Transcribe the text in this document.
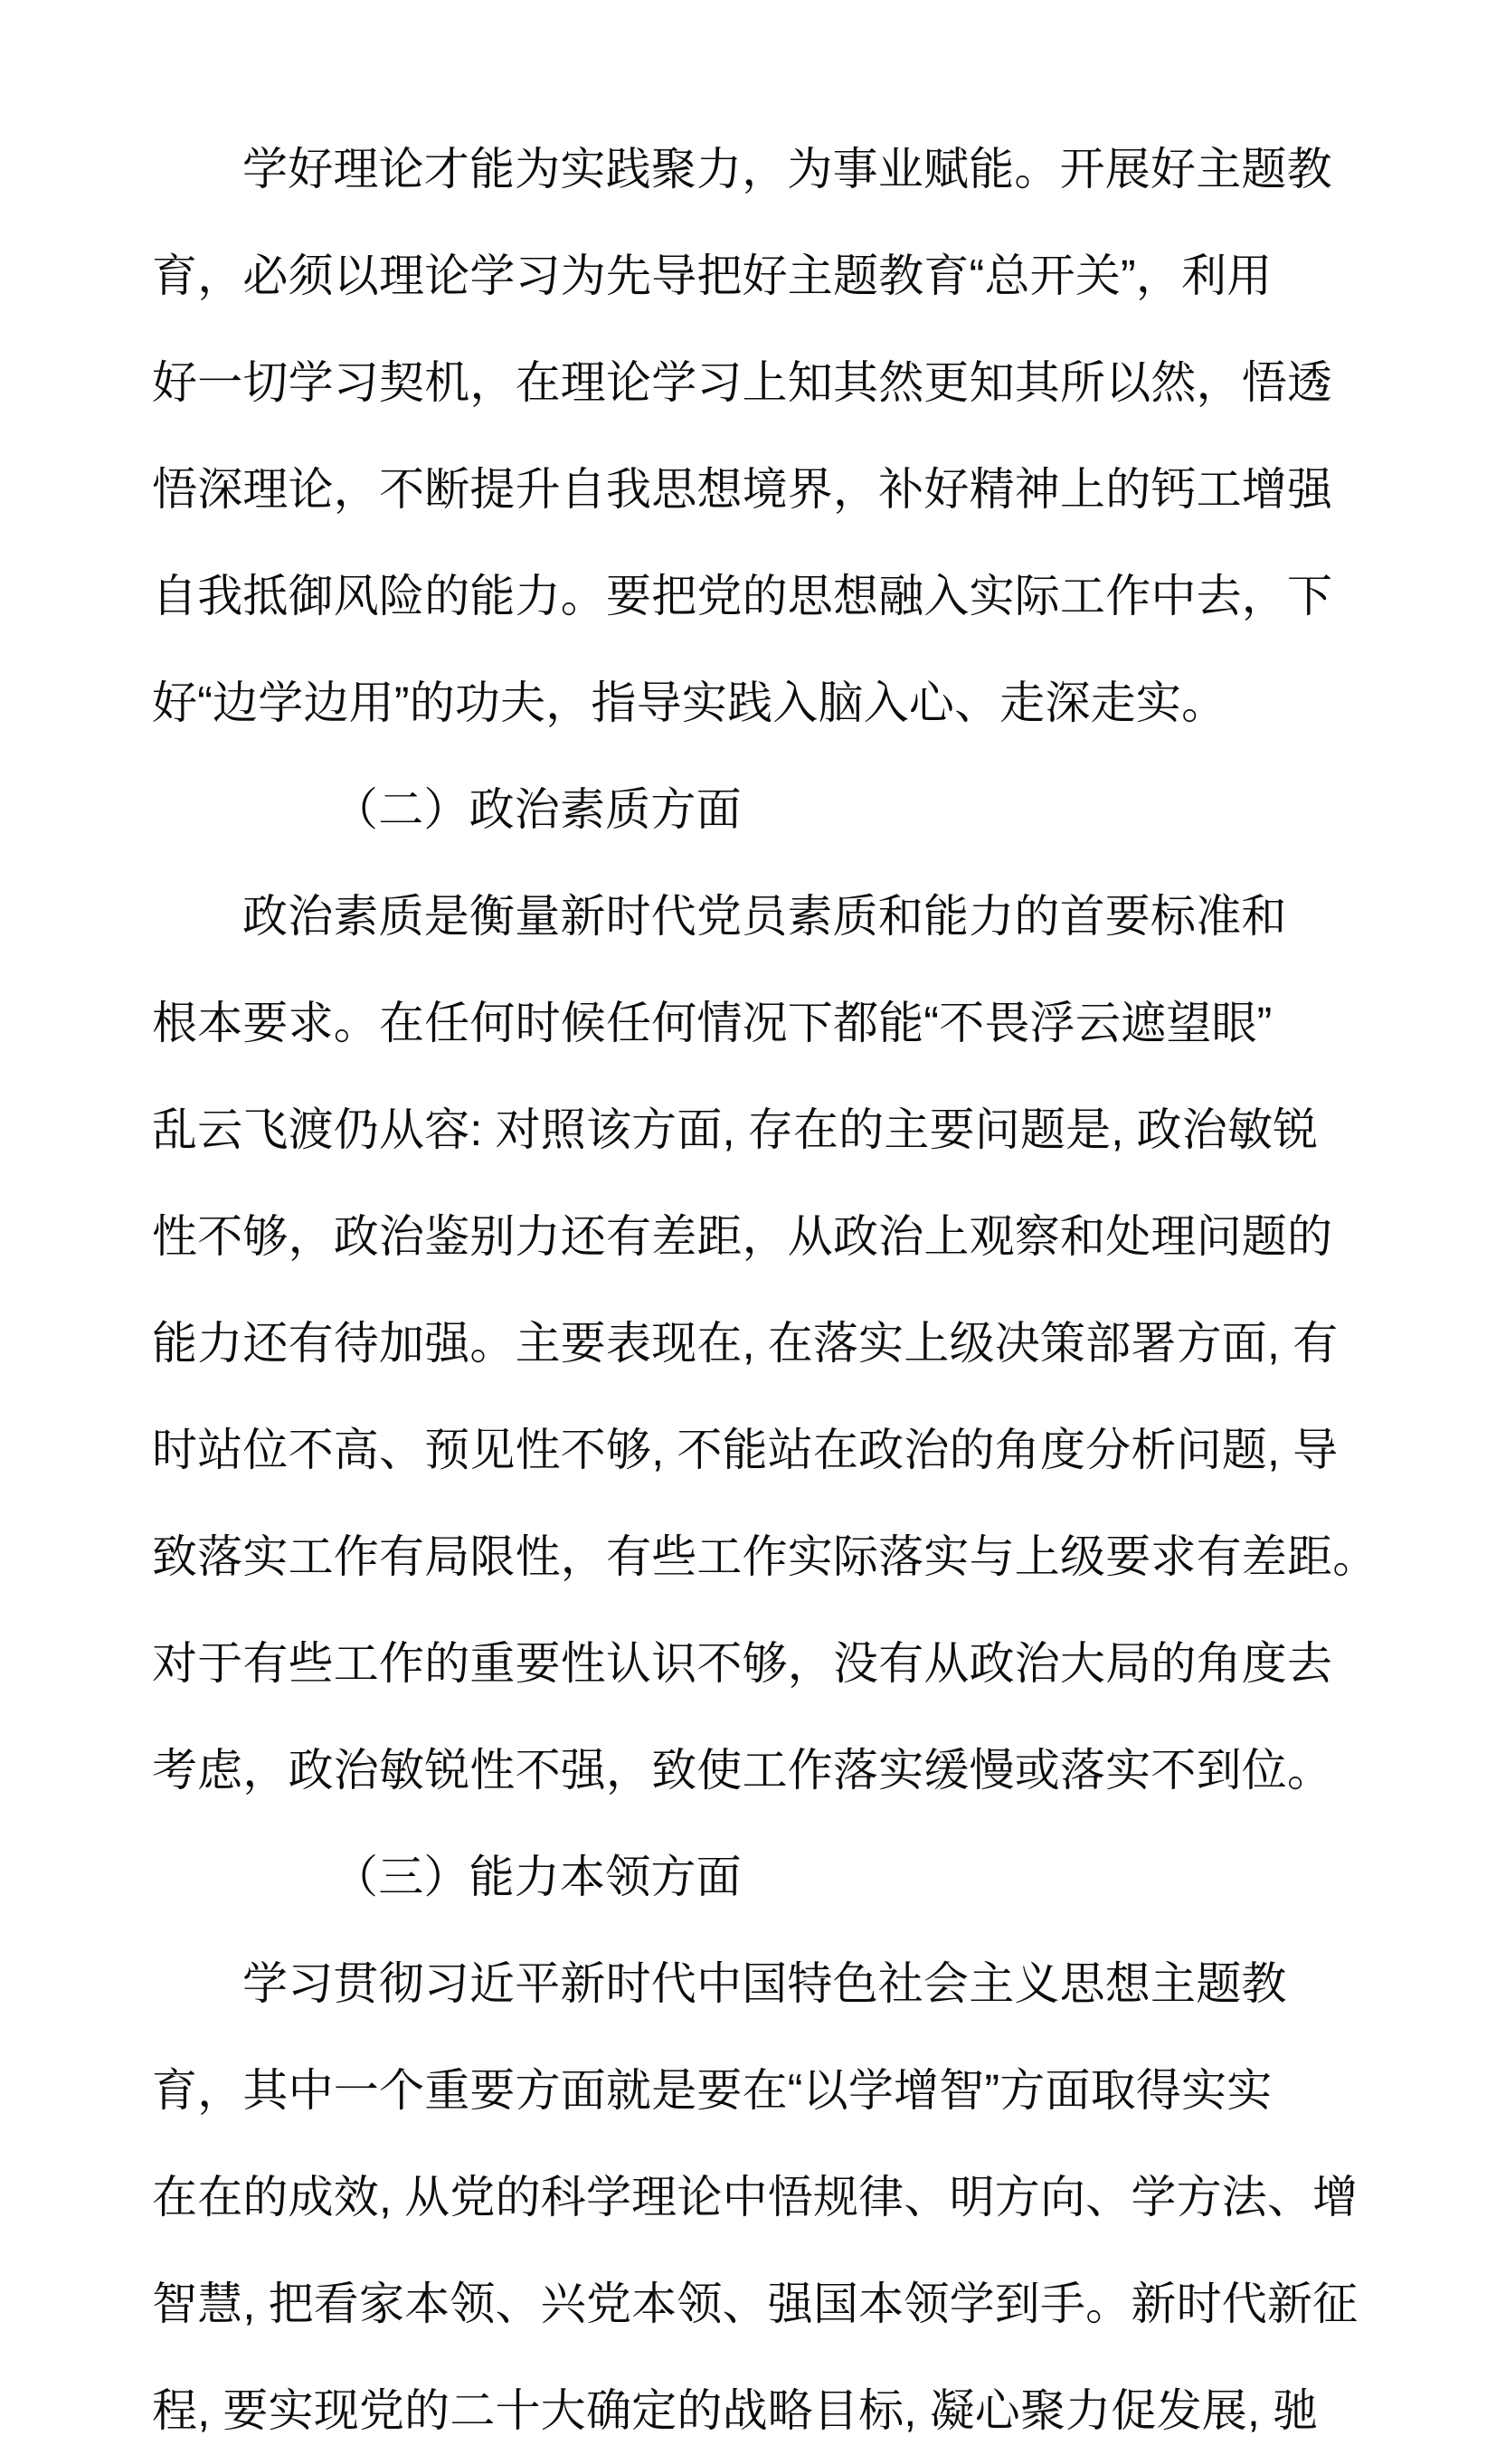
学好理论才能为实践聚力，为事业赋能。开展好主题教
育，必须以理论学习为先导把好主题教育“总开关”，利用
好一切学习契机，在理论学习上知其然更知其所以然，悟透
悟深理论，不断提升自我思想境界，补好精神上的钙工增强
自我抵御风险的能力。要把党的思想融入实际工作中去，下
好“边学边用”的功夫，指导实践入脑入心、走深走实。

（二）政治素质方面

政治素质是衡量新时代党员素质和能力的首要标准和
根本要求。在任何时候任何情况下都能“不畏浮云遮望眼”
乱云飞渡仍从容: 对照该方面, 存在的主要问题是, 政治敏锐
性不够，政治鉴别力还有差距，从政治上观察和处理问题的
能力还有待加强。主要表现在, 在落实上级决策部署方面, 有
时站位不高、预见性不够, 不能站在政治的角度分析问题, 导
致落实工作有局限性，有些工作实际落实与上级要求有差距。
对于有些工作的重要性认识不够，没有从政治大局的角度去
考虑，政治敏锐性不强，致使工作落实缓慢或落实不到位。

（三）能力本领方面

学习贯彻习近平新时代中国特色社会主义思想主题教
育，其中一个重要方面就是要在“以学增智”方面取得实实
在在的成效, 从党的科学理论中悟规律、明方向、学方法、增
智慧, 把看家本领、兴党本领、强国本领学到手。新时代新征
程, 要实现党的二十大确定的战略目标, 凝心聚力促发展, 驰
